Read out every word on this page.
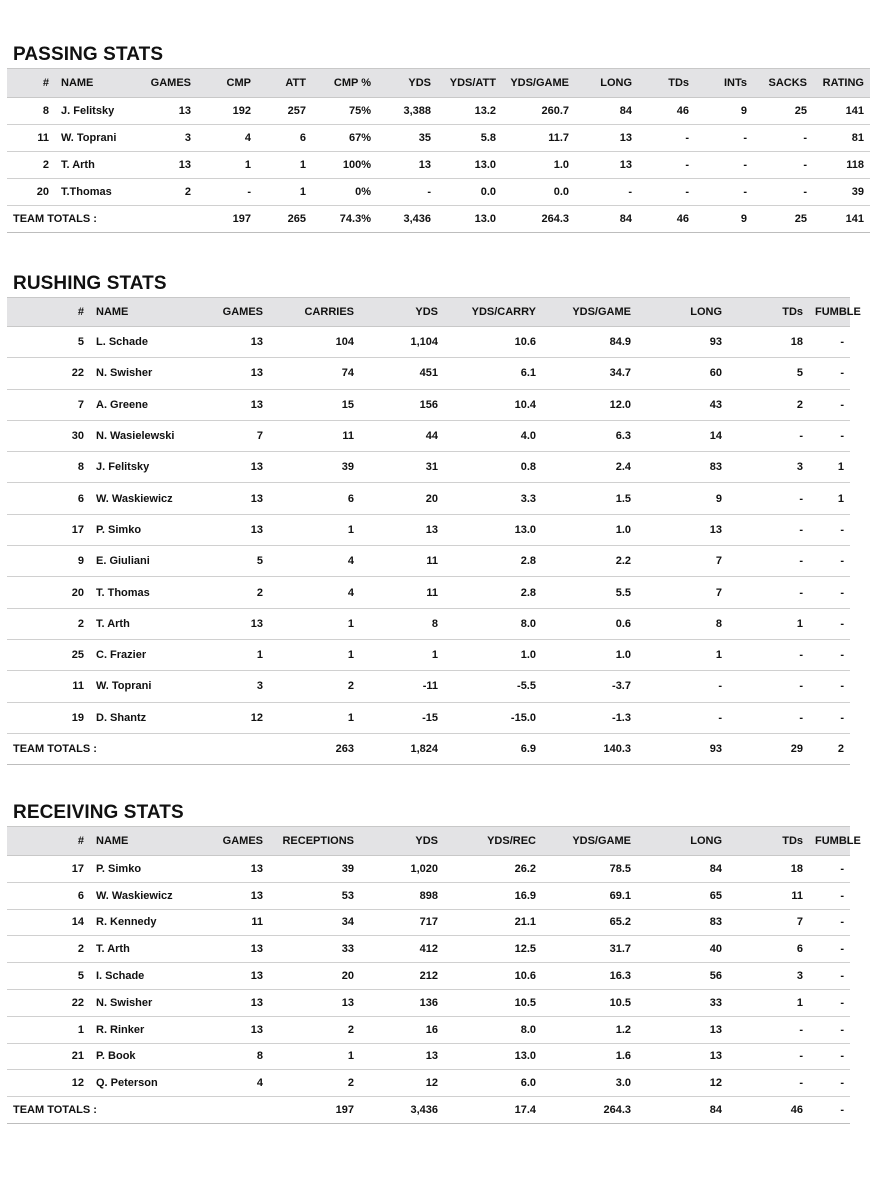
PASSING STATS
#	NAME	GAMES	CMP	ATT	CMP %	YDS	YDS/ATT	YDS/GAME	LONG	TDs	INTs	SACKS	RATING
8	J. Felitsky	13	192	257	75%	3,388	13.2	260.7	84	46	9	25	141
11	W. Toprani	3	4	6	67%	35	5.8	11.7	13	-	-	-	81
2	T. Arth	13	1	1	100%	13	13.0	1.0	13	-	-	-	118
20	T.Thomas	2	-	1	0%	-	0.0	0.0	-	-	-	-	39
TEAM TOTALS :			197	265	74.3%	3,436	13.0	264.3	84	46	9	25	141
RUSHING STATS
#	NAME	GAMES	CARRIES	YDS	YDS/CARRY	YDS/GAME	LONG	TDs	FUMBLE
5	L. Schade	13	104	1,104	10.6	84.9	93	18	-
22	N. Swisher	13	74	451	6.1	34.7	60	5	-
7	A. Greene	13	15	156	10.4	12.0	43	2	-
30	N. Wasielewski	7	11	44	4.0	6.3	14	-	-
8	J. Felitsky	13	39	31	0.8	2.4	83	3	1
6	W. Waskiewicz	13	6	20	3.3	1.5	9	-	1
17	P. Simko	13	1	13	13.0	1.0	13	-	-
9	E. Giuliani	5	4	11	2.8	2.2	7	-	-
20	T. Thomas	2	4	11	2.8	5.5	7	-	-
2	T. Arth	13	1	8	8.0	0.6	8	1	-
25	C. Frazier	1	1	1	1.0	1.0	1	-	-
11	W. Toprani	3	2	-11	-5.5	-3.7	-	-	-
19	D. Shantz	12	1	-15	-15.0	-1.3	-	-	-
TEAM TOTALS :			263	1,824	6.9	140.3	93	29	2
RECEIVING STATS
#	NAME	GAMES	RECEPTIONS	YDS	YDS/REC	YDS/GAME	LONG	TDs	FUMBLE
17	P. Simko	13	39	1,020	26.2	78.5	84	18	-
6	W. Waskiewicz	13	53	898	16.9	69.1	65	11	-
14	R. Kennedy	11	34	717	21.1	65.2	83	7	-
2	T. Arth	13	33	412	12.5	31.7	40	6	-
5	I. Schade	13	20	212	10.6	16.3	56	3	-
22	N. Swisher	13	13	136	10.5	10.5	33	1	-
1	R. Rinker	13	2	16	8.0	1.2	13	-	-
21	P. Book	8	1	13	13.0	1.6	13	-	-
12	Q. Peterson	4	2	12	6.0	3.0	12	-	-
TEAM TOTALS :			197	3,436	17.4	264.3	84	46	-
